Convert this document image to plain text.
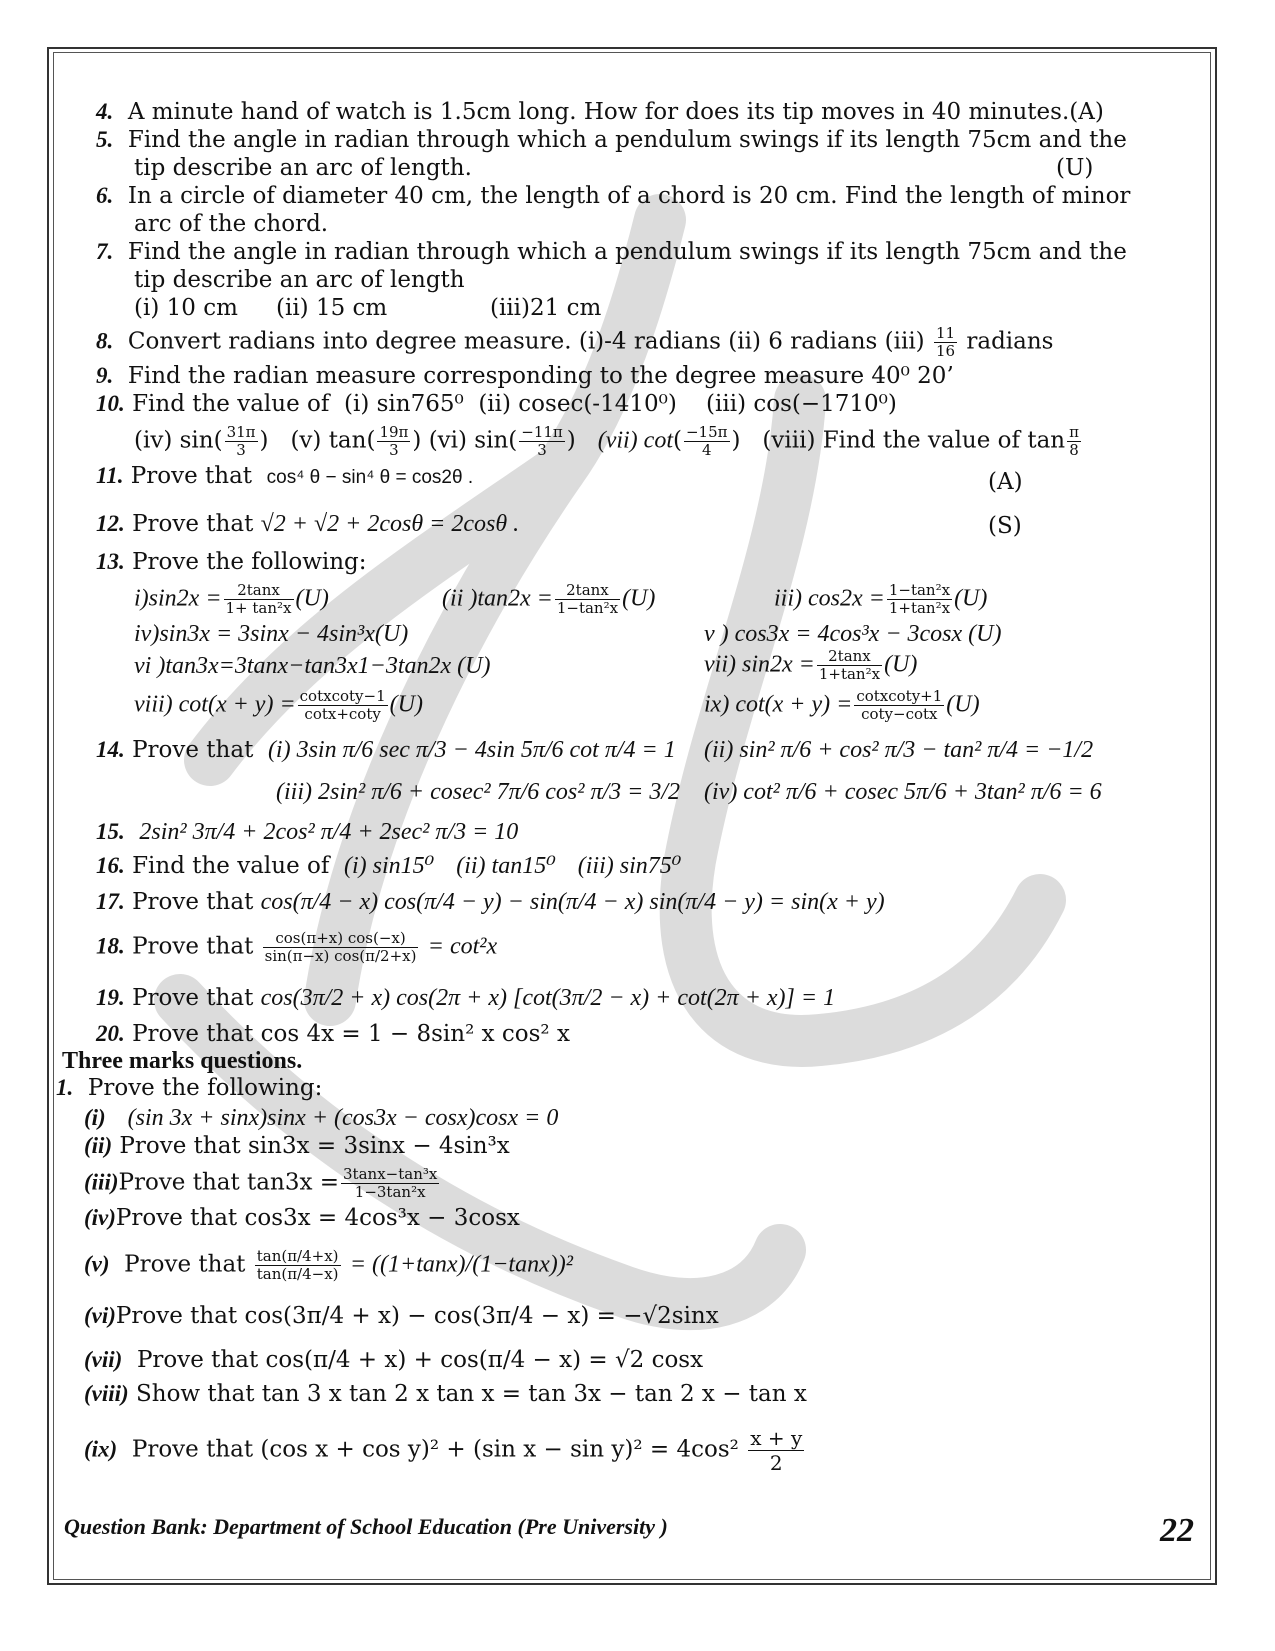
4. A minute hand of watch is 1.5cm long. How for does its tip moves in 40 minutes.(A)
5. Find the angle in radian through which a pendulum swings if its length 75cm and the
tip describe an arc of length.	(U)
6. In a circle of diameter 40 cm, the length of a chord is 20 cm. Find the length of minor
arc of the chord.
7. Find the angle in radian through which a pendulum swings if its length 75cm and the
tip describe an arc of length
(i) 10 cm (ii) 15 cm	(iii)21 cm
8. Convert radians into degree measure. (i)-4 radians (ii) 6 radians $(iii) \frac{11}{16}$ radians
9. Find the radian measure corresponding to the degree measure 40⁰ 20’
10. Find the value of (i) sin765⁰ (ii) cosec(-1410⁰) (iii) cos(−1710⁰)
(iv) $\sin( \frac{31\pi}{3}$ )   (v) $\tan( \frac{19\pi}{3}$ ) (vi) $\sin( \frac{-11\pi}{3}$ )   (vii) $\cot( \frac{-15\pi}{4}$ )   (viii) Find the value of $\tan \frac{\pi}{8}$
11. Prove that cos⁴ θ − sin⁴ θ = cos2θ .	(A)
12. Prove that √2 + √2 + 2cosθ = 2cosθ .	(S)
13. Prove the following:
$i)\sin 2x = \frac{2\tan x}{\text{1+ tan²x}} (U)$	(ii )$\tan 2x = \frac{2\tan x}{\text{1−tan²x}} (U)$	iii) $\cos 2x = \frac{\text{1−tan²x}}{\text{1+tan²x}} (U)$
iv)sin3x = 3sinx − 4sin³x(U)	v ) cos3x = 4cos³x − 3cosx (U)
vi )tan3x=3tanx−tan3x1−3tan2x (U)	vii) $\sin 2x = \frac{2\tan x}{\text{1+tan²x}} (U)$
viii) $\cot(x + y) = \frac{\text{cotxcoty−1}}{\cot x+\cot y} (U)$	ix) $\cot(x + y) = \frac{\text{cotxcoty+1}}{\cot y-\cot x} (U)$
14. Prove that (i) 3sin π/6 sec π/3 − 4sin 5π/6 cot π/4 = 1 (ii) sin² π/6 + cos² π/3 − tan² π/4 = −1/2
(iii) 2sin² π/6 + cosec² 7π/6 cos² π/3 = 3/2 (iv) cot² π/6 + cosec 5π/6 + 3tan² π/6 = 6
15. 2sin² 3π/4 + 2cos² π/4 + 2sec² π/3 = 10
16. Find the value of (i) sin15⁰ (ii) tan15⁰ (iii) sin75⁰
17. Prove that cos(π/4 − x) cos(π/4 − y) − sin(π/4 − x) sin(π/4 − y) = sin(x + y)
18. Prove that $\frac{\cos(\pi+x) \cos(-x)}{\sin(\pi-x) \cos(\pi/2+x)} = \cot^2x$
19. Prove that cos(3π/2 + x) cos(2π + x) [cot(3π/2 − x) + cot(2π + x)] = 1
20. Prove that cos 4x = 1 − 8sin² x cos² x
Three marks questions.
1. Prove the following:
(i) (sin 3x + sinx)sinx + (cos3x − cosx)cosx = 0
(ii) Prove that sin3x = 3sinx − 4sin³x
(iii)Prove that $\tan 3x = \frac{\text{3tanx−tan³x}}{\text{1−3tan²x}}$
(iv)Prove that cos3x = 4cos³x − 3cosx
(v) Prove that $\frac{\tan(\pi/4+x)}{\tan(\pi/4-x)} = ((1+\tan x)/(1-\tan x))^2$
(vi)Prove that cos(3π/4 + x) − cos(3π/4 − x) = −√2sinx
(vii) Prove that cos(π/4 + x) + cos(π/4 − x) = √2 cosx
(viii) Show that tan 3 x tan 2 x tan x = tan 3x − tan 2 x − tan x
(ix) Prove that (cos x + cos y)² + (sin $x - \sin y)^2 = 4\cos^2 \frac{x + y}{2}$
Question Bank: Department of School Education (Pre University )	22
